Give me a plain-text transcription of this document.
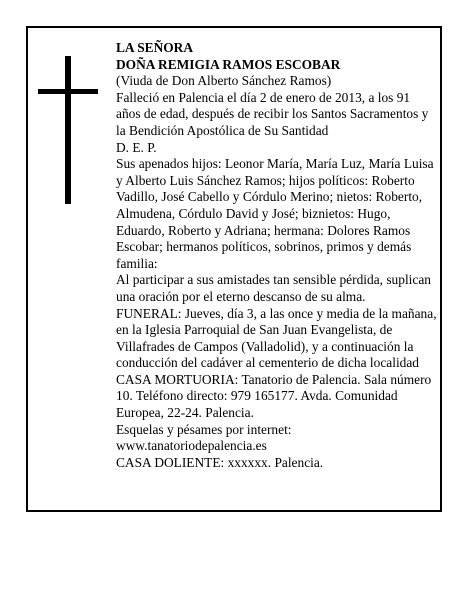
LA SEÑORA

DOÑA REMIGIA RAMOS ESCOBAR

(Viuda de Don Alberto Sánchez Ramos)

Falleció en Palencia el día 2 de enero de 2013, a los 91 años de edad, después de recibir los Santos Sacramentos y la Bendición Apostólica de Su Santidad

D. E. P.

Sus apenados hijos: Leonor María, María Luz, María Luisa y Alberto Luis Sánchez Ramos; hijos políticos: Roberto Vadillo, José Cabello y Córdulo Merino; nietos: Roberto, Almudena, Córdulo David y José; biznietos: Hugo, Eduardo, Roberto y Adriana; hermana: Dolores Ramos Escobar; hermanos políticos, sobrinos, primos y demás familia:

Al participar a sus amistades tan sensible pérdida, suplican una oración por el eterno descanso de su alma.

FUNERAL: Jueves, día 3, a las once y media de la mañana, en la Iglesia Parroquial de San Juan Evangelista, de Villafrades de Campos (Valladolid), y a continuación la conducción del cadáver al cementerio de dicha localidad

CASA MORTUORIA: Tanatorio de Palencia. Sala número 10. Teléfono directo: 979 165177. Avda. Comunidad Europea, 22-24. Palencia.

Esquelas y pésames por internet:

www.tanatoriodepalencia.es

CASA DOLIENTE: xxxxxx. Palencia.
